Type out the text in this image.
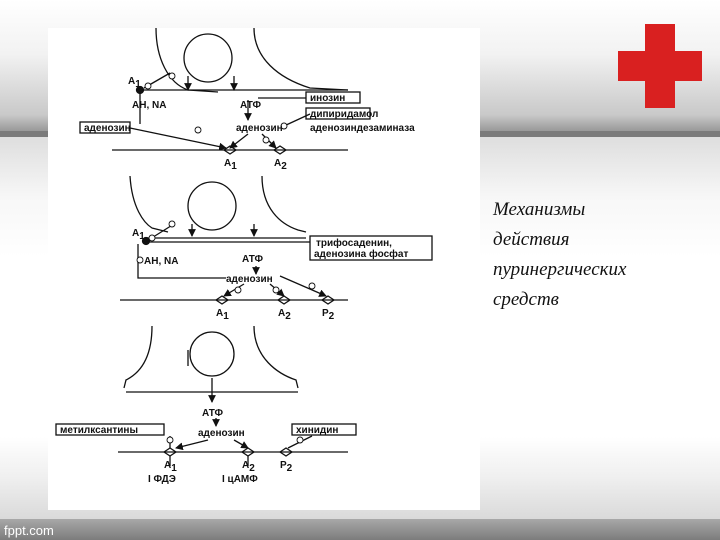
А1
АН, NA	АТФ
инозин
дипиридамол
аденозин	аденозин	аденозиндезаминаза
А1	А2
А1
АН, NA	АТФ
трифосаденин,
аденозина фосфат
аденозин
А1	А2	Р2
АТФ
метилксантины	аденозин	хинидин
А1	А2	Р2
I ФДЭ	I цАМФ
Механизмы
действия
пуринергических
средств
fppt.com
